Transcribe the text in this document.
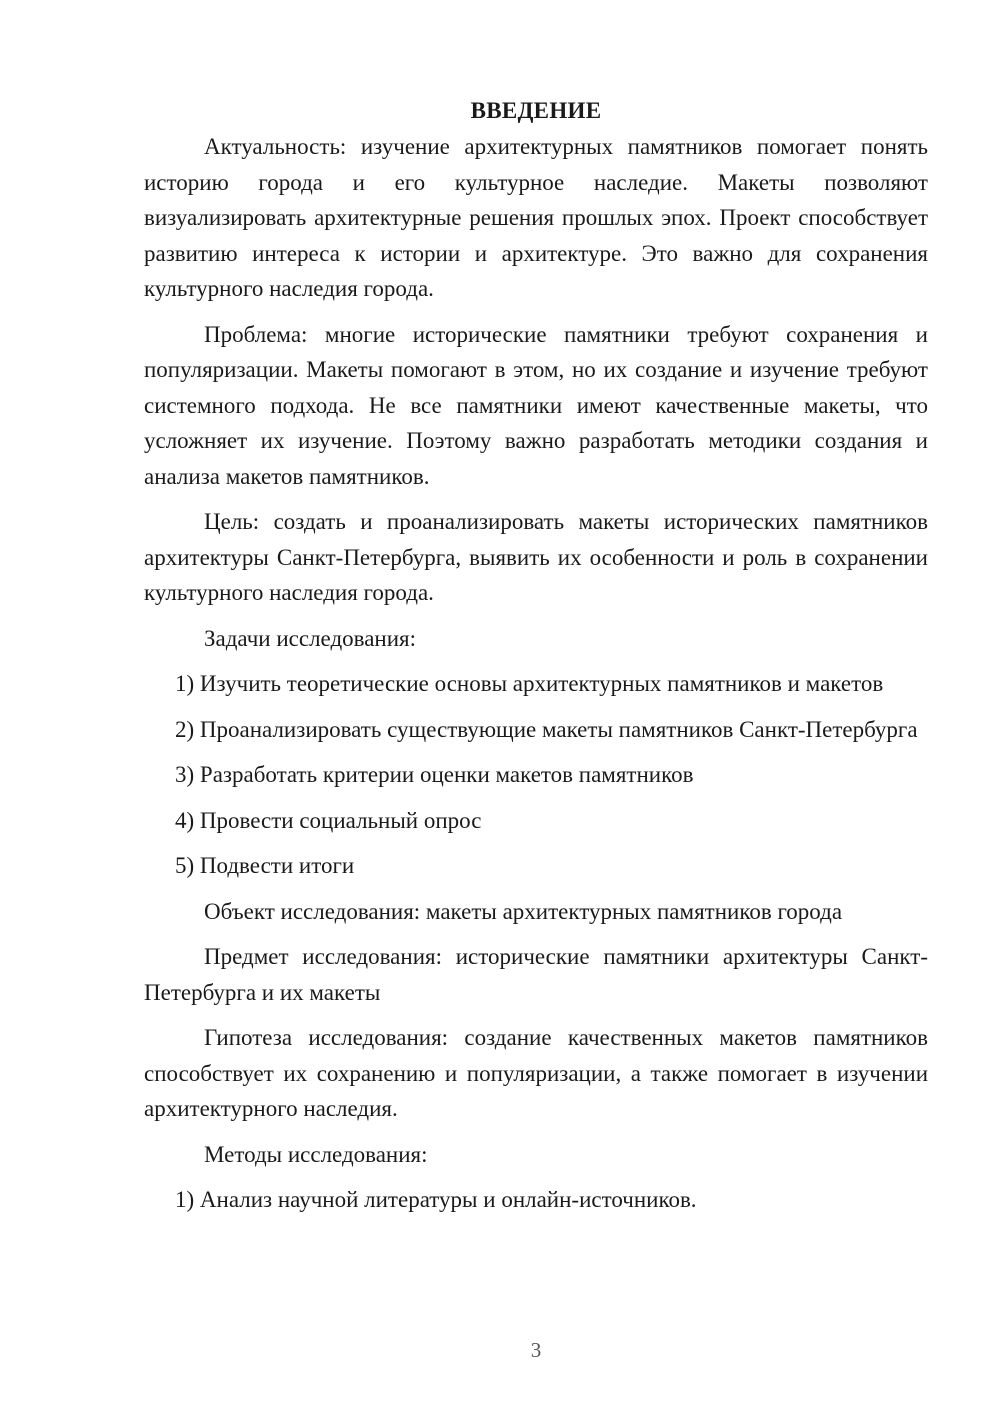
ВВЕДЕНИЕ

Актуальность: изучение архитектурных памятников помогает понять историю города и его культурное наследие. Макеты позволяют визуализировать архитектурные решения прошлых эпох. Проект способствует развитию интереса к истории и архитектуре. Это важно для сохранения культурного наследия города.

Проблема: многие исторические памятники требуют сохранения и популяризации. Макеты помогают в этом, но их создание и изучение требуют системного подхода. Не все памятники имеют качественные макеты, что усложняет их изучение. Поэтому важно разработать методики создания и анализа макетов памятников.

Цель: создать и проанализировать макеты исторических памятников архитектуры Санкт-Петербурга, выявить их особенности и роль в сохранении культурного наследия города.

Задачи исследования:

1) Изучить теоретические основы архитектурных памятников и макетов

2) Проанализировать существующие макеты памятников Санкт-Петербурга

3) Разработать критерии оценки макетов памятников

4) Провести социальный опрос

5) Подвести итоги

Объект исследования: макеты архитектурных памятников города

Предмет исследования: исторические памятники архитектуры Санкт-Петербурга и их макеты

Гипотеза исследования: создание качественных макетов памятников способствует их сохранению и популяризации, а также помогает в изучении архитектурного наследия.

Методы исследования:

1) Анализ научной литературы и онлайн-источников.

3
